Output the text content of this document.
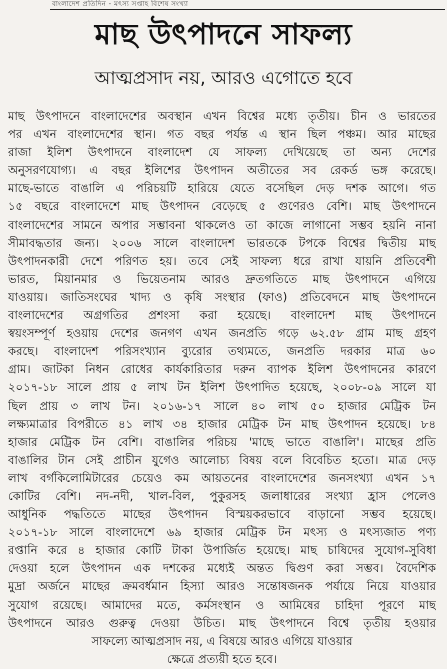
বাংলাদেশ প্রতিদিন - মৎস্য সপ্তাহ বিশেষ সংখ্যা
মাছ উৎপাদনে সাফল্য
আত্মপ্রসাদ নয়, আরও এগোতে হবে
মাছ উৎপাদনে বাংলাদেশের অবস্থান এখন বিশ্বের মধ্যে তৃতীয়। চীন ও ভারতের
পর এখন বাংলাদেশের স্থান। গত বছর পর্যন্ত এ স্থান ছিল পঞ্চম। আর মাছের
রাজা ইলিশ উৎপাদনে বাংলাদেশ যে সাফল্য দেখিয়েছে তা অন্য দেশের
অনুসরণযোগ্য। এ বছর ইলিশের উৎপাদন অতীতের সব রেকর্ড ভঙ্গ করেছে।
মাছে-ভাতে বাঙালি এ পরিচয়টি হারিয়ে যেতে বসেছিল দেড় দশক আগে। গত
১৫ বছরে বাংলাদেশে মাছ উৎপাদন বেড়েছে ৫ গুণেরও বেশি। মাছ উৎপাদনে
বাংলাদেশের সামনে অপার সম্ভাবনা থাকলেও তা কাজে লাগানো সম্ভব হয়নি নানা
সীমাবদ্ধতার জন্য। ২০০৬ সালে বাংলাদেশ ভারতকে টপকে বিশ্বের দ্বিতীয় মাছ
উৎপাদনকারী দেশে পরিণত হয়। তবে সেই সাফল্য ধরে রাখা যায়নি প্রতিবেশী
ভারত, মিয়ানমার ও ভিয়েতনাম আরও দ্রুতগতিতে মাছ উৎপাদনে এগিয়ে
যাওয়ায়। জাতিসংঘের খাদ্য ও কৃষি সংস্থার (ফাও) প্রতিবেদনে মাছ উৎপাদনে
বাংলাদেশের অগ্রগতির প্রশংসা করা হয়েছে। বাংলাদেশ মাছ উৎপাদনে
স্বয়ংসম্পূর্ণ হওয়ায় দেশের জনগণ এখন জনপ্রতি গড়ে ৬২.৫৮ গ্রাম মাছ গ্রহণ
করছে। বাংলাদেশ পরিসংখ্যান ব্যুরোর তথ্যমতে, জনপ্রতি দরকার মাত্র ৬০
গ্রাম। জাটকা নিধন রোধের কার্যকারিতার দরুন ব্যাপক ইলিশ উৎপাদনের কারণে
২০১৭-১৮ সালে প্রায় ৫ লাখ টন ইলিশ উৎপাদিত হয়েছে, ২০০৮-০৯ সালে যা
ছিল প্রায় ৩ লাখ টন। ২০১৬-১৭ সালে ৪০ লাখ ৫০ হাজার মেট্রিক টন
লক্ষ্যমাত্রার বিপরীতে ৪১ লাখ ৩৪ হাজার মেট্রিক টন মাছ উৎপাদন হয়েছে। ৮৪
হাজার মেট্রিক টন বেশি। বাঙালির পরিচয় 'মাছে ভাতে বাঙালি'। মাছের প্রতি
বাঙালির টান সেই প্রাচীন যুগেও আলোচ্য বিষয় বলে বিবেচিত হতো। মাত্র দেড়
লাখ বর্গকিলোমিটারের চেয়েও কম আয়তনের বাংলাদেশের জনসংখ্যা এখন ১৭
কোটির বেশি। নদ-নদী, খাল-বিল, পুকুরসহ জলাধারের সংখ্যা হ্রাস পেলেও
আধুনিক পদ্ধতিতে মাছের উৎপাদন বিস্ময়করভাবে বাড়ানো সম্ভব হয়েছে।
২০১৭-১৮ সালে বাংলাদেশে ৬৯ হাজার মেট্রিক টন মৎস্য ও মৎস্যজাত পণ্য
রপ্তানি করে ৪ হাজার কোটি টাকা উপার্জিত হয়েছে। মাছ চাষিদের সুযোগ-সুবিধা
দেওয়া হলে উৎপাদন এক দশকের মধ্যেই অন্তত দ্বিগুণ করা সম্ভব। বৈদেশিক
মুদ্রা অর্জনে মাছের ক্রমবর্ধমান হিস্যা আরও সন্তোষজনক পর্যায়ে নিয়ে যাওয়ার
সুযোগ রয়েছে। আমাদের মতে, কর্মসংস্থান ও আমিষের চাহিদা পূরণে মাছ
উৎপাদনে আরও গুরুত্ব দেওয়া উচিত। মাছ উৎপাদনে বিশ্বে তৃতীয় হওয়ার
সাফল্যে আত্মপ্রসাদ নয়, এ বিষয়ে আরও এগিয়ে যাওয়ার
ক্ষেত্রে প্রত্যয়ী হতে হবে।
